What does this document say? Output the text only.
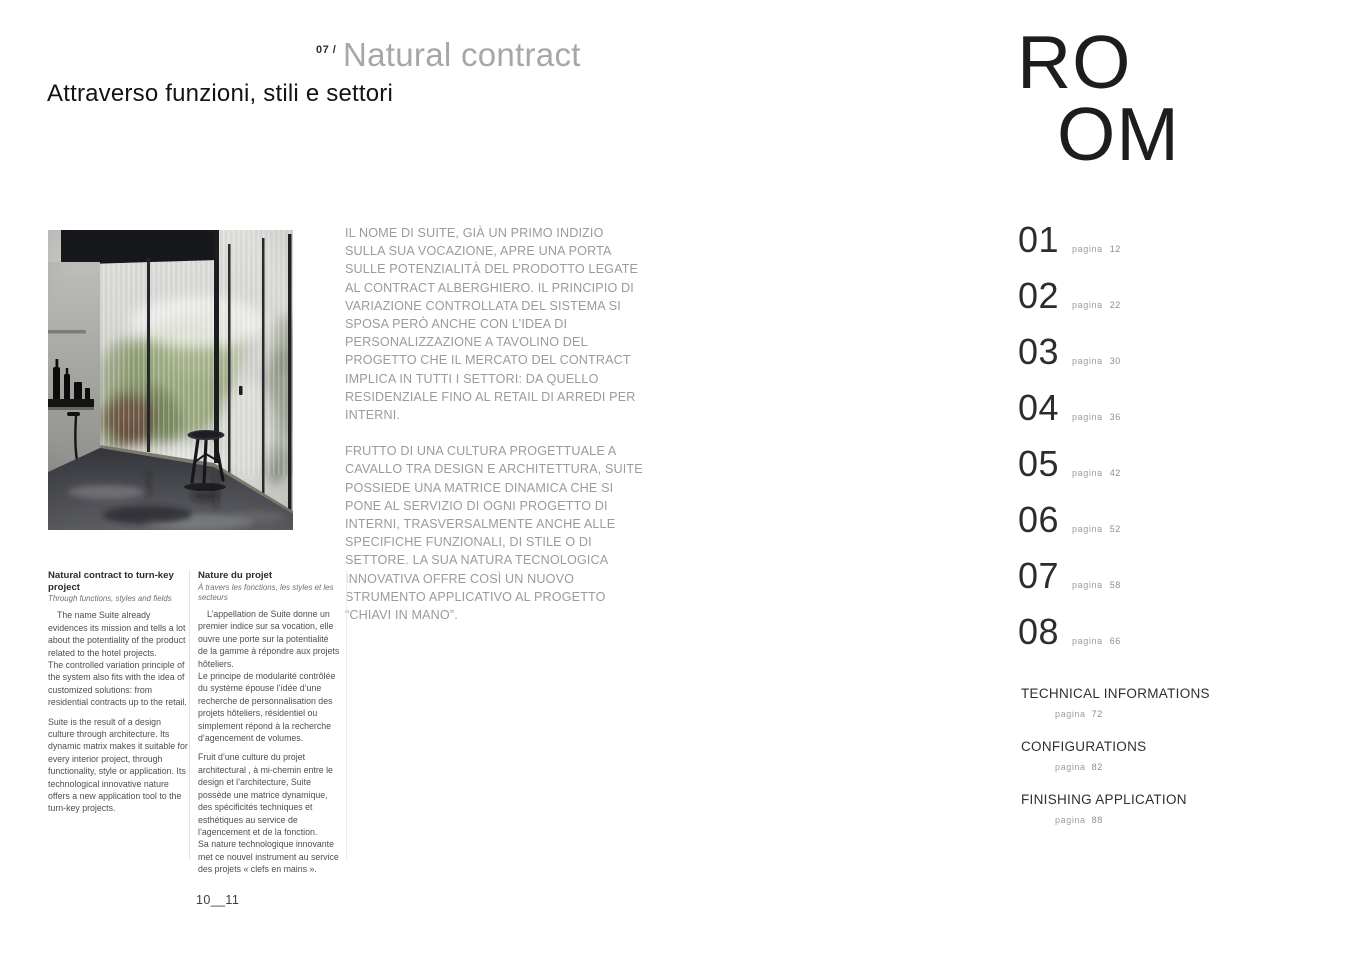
07 / Natural contract
Attraverso funzioni, stili e settori

IL NOME DI SUITE, GIÀ UN PRIMO INDIZIO SULLA SUA VOCAZIONE, APRE UNA PORTA SULLE POTENZIALITÀ DEL PRODOTTO LEGATE AL CONTRACT ALBERGHIERO. IL PRINCIPIO DI VARIAZIONE CONTROLLATA DEL SISTEMA SI SPOSA PERÒ ANCHE CON L’IDEA DI PERSONALIZZAZIONE A TAVOLINO DEL PROGETTO CHE IL MERCATO DEL CONTRACT IMPLICA IN TUTTI I SETTORI: DA QUELLO RESIDENZIALE FINO AL RETAIL DI ARREDI PER INTERNI.

FRUTTO DI UNA CULTURA PROGETTUALE A CAVALLO TRA DESIGN E ARCHITETTURA, SUITE POSSIEDE UNA MATRICE DINAMICA CHE SI PONE AL SERVIZIO DI OGNI PROGETTO DI INTERNI, TRASVERSALMENTE ANCHE ALLE SPECIFICHE FUNZIONALI, DI STILE O DI SETTORE. LA SUA NATURA TECNOLOGICA INNOVATIVA OFFRE COSÌ UN NUOVO STRUMENTO APPLICATIVO AL PROGETTO “CHIAVI IN MANO”.

Natural contract to turn-key project
Through functions, styles and fields

The name Suite already evidences its mission and tells a lot about the potentiality of the product related to the hotel projects.

The controlled variation principle of the system also fits with the idea of customized solutions: from residential contracts up to the retail.

Suite is the result of a design culture through architecture. Its dynamic matrix makes it suitable for every interior project, through functionality, style or application. Its technological innovative nature offers a new application tool to the turn-key projects.

Nature du projet
À travers les fonctions, les styles et les secteurs

L’appellation de Suite donne un premier indice sur sa vocation, elle ouvre une porte sur la potentialité de la gamme à répondre aux projets hôteliers.

Le principe de modularité contrôlée du système épouse l’idée d’une recherche de personnalisation des projets hôteliers, résidentiel ou simplement répond à la recherche d’agencement de volumes.

Fruit d’une culture du projet architectural , à mi-chemin entre le design et l’architecture, Suite possède une matrice dynamique, des spécificités techniques et esthétiques au service de l’agencement et de la fonction.

Sa nature technologique innovante met ce nouvel instrument au service des projets « clefs en mains ».

10__11
RO
OM
01 pagina 12
02 pagina 22
03 pagina 30
04 pagina 36
05 pagina 42
06 pagina 52
07 pagina 58
08 pagina 66
TECHNICAL INFORMATIONS
pagina 72
CONFIGURATIONS
pagina 82
FINISHING APPLICATION
pagina 88
